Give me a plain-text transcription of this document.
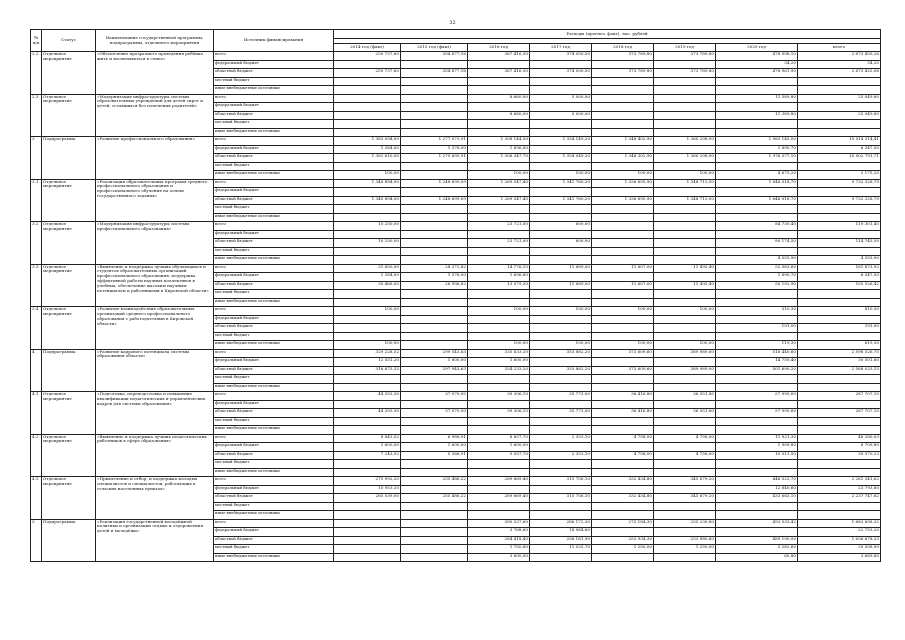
32
№ п/п	Статус	Наименование государственной программы, подпрограммы, отдельного мероприятия	Источник финансирования	Расходы (прогноз, факт), тыс. рублей							

				2014 год (факт)	2015 год (факт)	2016 год	2017 год	2018 год	2019 год	2020 год	итого
2.2	Отдельное мероприятие	«Обеспечение прозрачного проведения ребёнка жить и воспитываться в семье»	всего	250 737,60	354 677,16	367 416,30	374 050,50	373 789,80	373 789,80	478 996,10	2 673 459,26
			федеральный бюджет							34,20	34,20
			областной бюджет	250 737,60	354 677,16	367 416,30	374 050,50	373 789,80	373 789,80	478 961,90	2 673 425,06
			местный бюджет								
			иные внебюджетные источники								
2.3	Отдельное мероприятие	«Модернизация инфраструктуры системы образовательных учреждений для детей сирот и детей, оставшихся без попечения родителей»	всего			8 660,00	5 000,00			11 389,80	25 049,80
			федеральный бюджет								
			областной бюджет			8 660,00	5 000,00			11 389,80	25 049,80
			местный бюджет								
			иные внебюджетные источники								
3	Подпрограмма	«Развитие профессионального образования»	всего	1 383 094,00	1 277 073,91	1 308 144,50	1 354 149,20	1 348 402,90	1 360 208,90	1 983 145,00	10 014 314,41
			федеральный бюджет	1 384,00	1 376,00	1 696,80				1 890,70	6 347,50
			областной бюджет	1 381 610,00	1 275 695,91	1 306 347,70	1 354 049,20	1 348 302,90	1 360 208,90	1 976 577,10	10 002 791,71
			местный бюджет								
			иные внебюджетные источники	100,00		100,00	100,00	100,00	100,00	4 675,20	5 175,20
3.1	Отдельное мероприятие	«Реализация образовательных программ среднего профессионального образования и профессионального обучения на основе государственного задания»	всего	1 340 894,00	1 248 699,09	1 269 547,40	1 341 760,20	1 336 695,90	1 348 713,50	1 846 018,70	9 732 328,79
			федеральный бюджет								
			областной бюджет	1 340 894,00	1 248 699,09	1 269 547,40	1 341 760,20	1 336 695,90	1 348 713,50	1 846 018,70	9 732 328,79
			местный бюджет								
			иные внебюджетные источники								
3.2	Отдельное мероприятие	«Модернизация инфраструктуры системы профессионального образования»	всего	10 250,00		23 721,00	600,00			84 730,40	119 301,40
			федеральный бюджет								
			областной бюджет	10 250,00		23 721,00	600,00			80 174,50	114 745,50
			местный бюджет								
			иные внебюджетные источники							4 555,90	4 555,90
3.3	Отдельное мероприятие	«Выявление и поддержка лучших обучающихся и студентов образовательных организаций профессионального образования, поддержка эффективной работы научных коллективов в учебных, обеспечение высоким научным потенциалом и работниками в Кировской области»	всего	31 850,00	28 372,82	14 776,10	11 689,00	11 607,00	11 495,40	52 083,60	161 873,92
			федеральный бюджет	1 384,00	1 376,00	1 696,80				1 890,70	6 347,50
			областной бюджет	30 466,00	26 996,82	13 079,30	11 689,00	11 607,00	11 495,40	50 192,90	155 526,42
			местный бюджет								
			иные внебюджетные источники								
3.4	Отдельное мероприятие	«Развитие взаимодействия образовательных организаций среднего профессионального образования с работодателями в Кировской области»	всего	100,00		100,00	100,00	100,00	100,00	310,30	810,30
			федеральный бюджет								
			областной бюджет							191,00	191,00
			местный бюджет								
			иные внебюджетные источники	100,00		100,00	100,00	100,00	100,00	119,30	619,30
4	Подпрограмма	«Развитие кадрового потенциала системы образования области»	всего	329 228,52	299 543,63	335 833,20	353 882,20	373 609,60	389 989,00	516 440,60	2 598 526,75
			федеральный бюджет	12 551,20	1 600,00	1 600,00				14 750,40	30 501,60
			областной бюджет	316 675,32	297 943,63	334 233,20	353 882,20	373 609,60	389 989,00	501 690,20	2 568 025,15
			местный бюджет								
			иные внебюджетные источники								
4.1	Отдельное мероприятие	«Подготовка, переподготовка и повышение квалификации педагогических и управленческих кадров для системы образования»	всего	44 393,30	37 070,50	39 306,10	35 773,00	36 416,80	36 551,80	57 995,60	287 707,10
			федеральный бюджет								
			областной бюджет	44 393,30	37 070,50	39 306,10	35 773,00	36 416,80	36 551,80	57 995,60	287 707,10
			местный бюджет								
			иные внебюджетные источники								
4.2	Отдельное мероприятие	«Выявление и поддержка лучших педагогических работников в сфере образования»	всего	8 843,02	6 988,91	6 657,70	2 353,10	4 758,00	4 758,00	11 921,30	46 280,03
			федеральный бюджет	1 600,00	1 600,00	1 600,00				1 909,80	6 709,80
			областной бюджет	7 243,02	5 388,91	5 057,70	2 353,10	4 758,00	4 758,00	10 011,50	39 570,23
			местный бюджет								
			иные внебюджетные источники								
4.3	Отдельное мероприятие	«Привлечение и отбор, и поддержка молодых специалистов и специалистов, работающих в сельских населенных пунктах»	всего	275 992,20	255 486,22	289 869,40	315 756,10	332 434,80	345 679,20	446 523,70	2 261 341,62
			федеральный бюджет	10 953,20						12 840,60	23 793,80
			областной бюджет	265 039,00	255 486,22	289 869,40	315 756,10	332 434,80	345 679,20	433 683,10	2 237 747,82
			местный бюджет								
			иные внебюджетные источники								
5	Подпрограмма	«Реализация государственной молодёжной политики и организации отдыха и оздоровления детей и молодёжи»	всего			395 537,60	286 172,30	275 184,30	255 230,80	493 533,42	1 683 658,32
			федеральный бюджет			3 768,60	18 984,60				22 753,20
			областной бюджет			284 418,40	256 161,90	253 934,30	253 980,80	489 190,50	1 636 678,33
			местный бюджет			1 750,60	11 025,70	1 250,00	1 250,00	5 282,60	20 558,90
			иные внебюджетные источники			3 600,00				60,80	3 669,80
